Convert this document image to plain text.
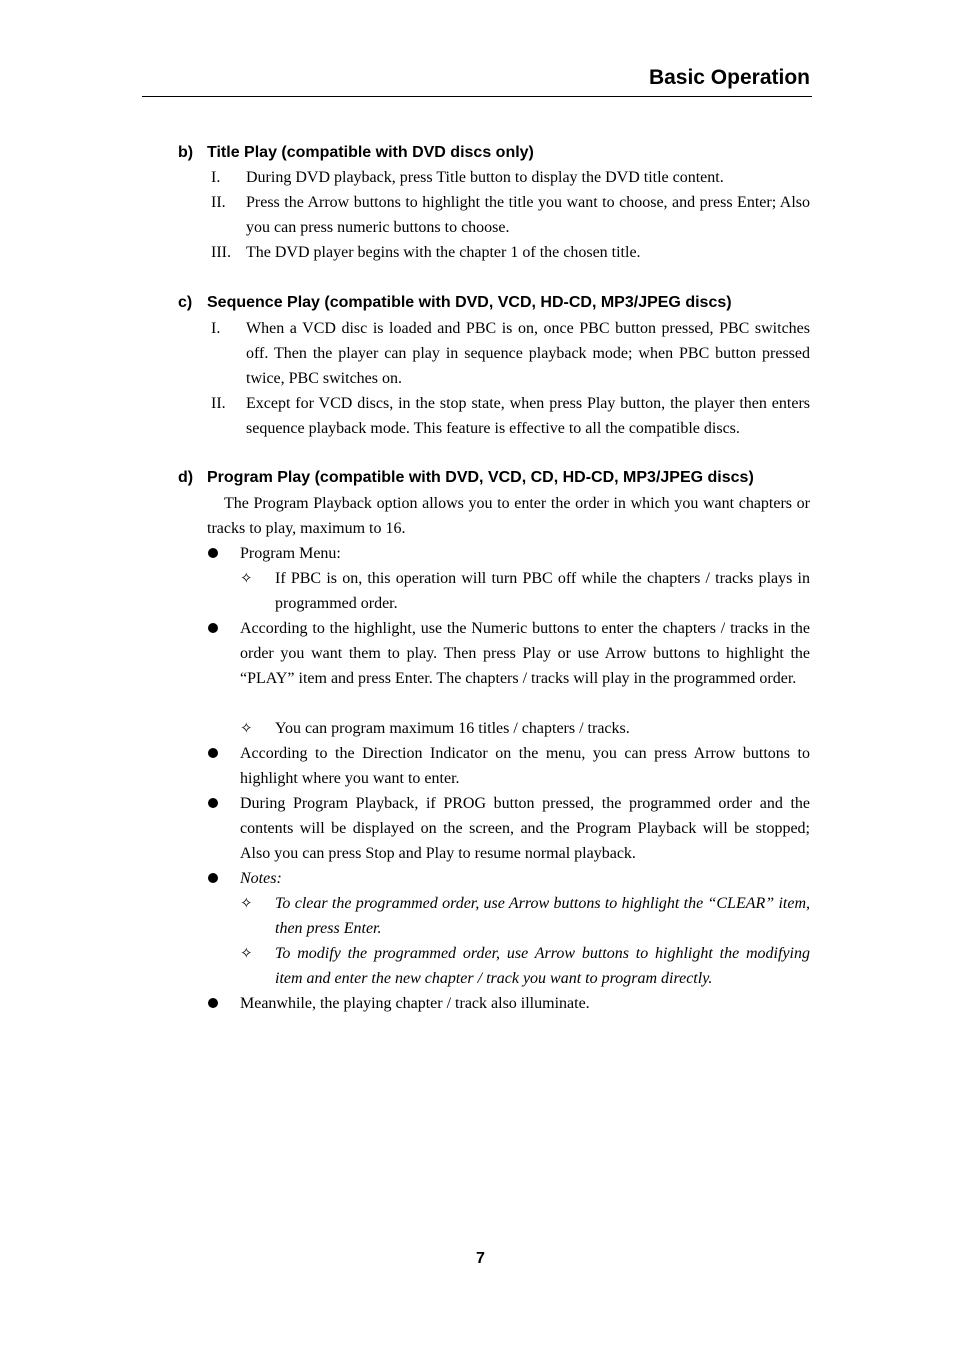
Basic Operation
b) Title Play (compatible with DVD discs only)
I. During DVD playback, press Title button to display the DVD title content.
II. Press the Arrow buttons to highlight the title you want to choose, and press Enter; Also you can press numeric buttons to choose.
III. The DVD player begins with the chapter 1 of the chosen title.
c) Sequence Play (compatible with DVD, VCD, HD-CD, MP3/JPEG discs)
I. When a VCD disc is loaded and PBC is on, once PBC button pressed, PBC switches off. Then the player can play in sequence playback mode; when PBC button pressed twice, PBC switches on.
II. Except for VCD discs, in the stop state, when press Play button, the player then enters sequence playback mode. This feature is effective to all the compatible discs.
d) Program Play (compatible with DVD, VCD, CD, HD-CD, MP3/JPEG discs)
The Program Playback option allows you to enter the order in which you want chapters or tracks to play, maximum to 16.
Program Menu:
✧ If PBC is on, this operation will turn PBC off while the chapters / tracks plays in programmed order.
According to the highlight, use the Numeric buttons to enter the chapters / tracks in the order you want them to play. Then press Play or use Arrow buttons to highlight the “PLAY” item and press Enter. The chapters / tracks will play in the programmed order.
✧ You can program maximum 16 titles / chapters / tracks.
According to the Direction Indicator on the menu, you can press Arrow buttons to highlight where you want to enter.
During Program Playback, if PROG button pressed, the programmed order and the contents will be displayed on the screen, and the Program Playback will be stopped; Also you can press Stop and Play to resume normal playback.
Notes:
✧ To clear the programmed order, use Arrow buttons to highlight the “CLEAR” item, then press Enter.
✧ To modify the programmed order, use Arrow buttons to highlight the modifying item and enter the new chapter / track you want to program directly.
Meanwhile, the playing chapter / track also illuminate.
7
